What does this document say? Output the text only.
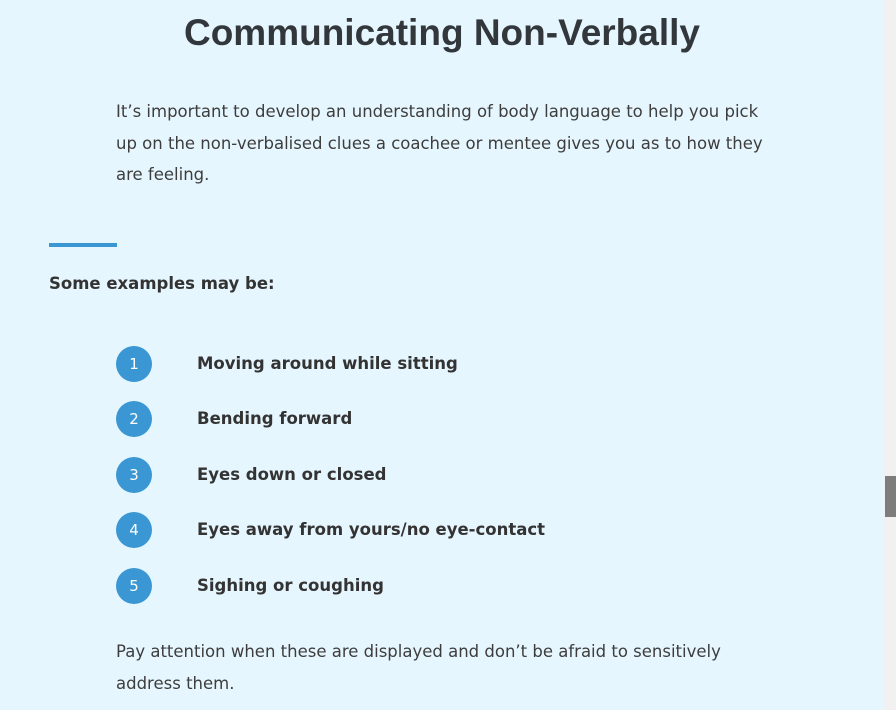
Communicating Non-Verbally

It’s important to develop an understanding of body language to help you pick up on the non-verbalised clues a coachee or mentee gives you as to how they are feeling.

Some examples may be:

1	Moving around while sitting
2	Bending forward
3	Eyes down or closed
4	Eyes away from yours/no eye-contact
5	Sighing or coughing

Pay attention when these are displayed and don’t be afraid to sensitively address them.
